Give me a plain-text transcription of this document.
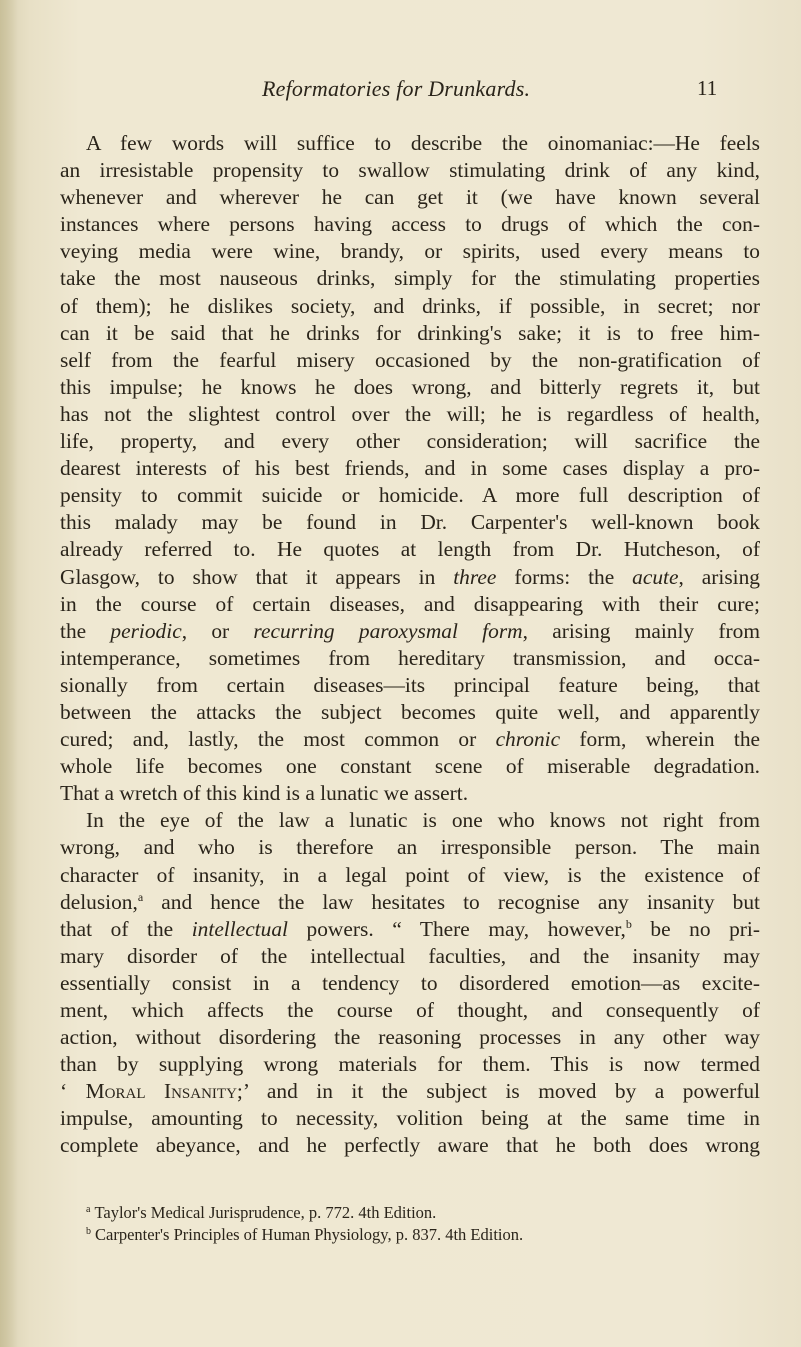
Reformatories for Drunkards.	11
A few words will suffice to describe the oinomaniac:—He feels
an irresistable propensity to swallow stimulating drink of any kind,
whenever and wherever he can get it (we have known several
instances where persons having access to drugs of which the con-
veying media were wine, brandy, or spirits, used every means to
take the most nauseous drinks, simply for the stimulating properties
of them); he dislikes society, and drinks, if possible, in secret; nor
can it be said that he drinks for drinking's sake; it is to free him-
self from the fearful misery occasioned by the non-gratification of
this impulse; he knows he does wrong, and bitterly regrets it, but
has not the slightest control over the will; he is regardless of health,
life, property, and every other consideration; will sacrifice the
dearest interests of his best friends, and in some cases display a pro-
pensity to commit suicide or homicide. A more full description of
this malady may be found in Dr. Carpenter's well-known book
already referred to. He quotes at length from Dr. Hutcheson, of
Glasgow, to show that it appears in three forms: the acute, arising
in the course of certain diseases, and disappearing with their cure;
the periodic, or recurring paroxysmal form, arising mainly from
intemperance, sometimes from hereditary transmission, and occa-
sionally from certain diseases—its principal feature being, that
between the attacks the subject becomes quite well, and apparently
cured; and, lastly, the most common or chronic form, wherein the
whole life becomes one constant scene of miserable degradation.
That a wretch of this kind is a lunatic we assert.
In the eye of the law a lunatic is one who knows not right from
wrong, and who is therefore an irresponsible person. The main
character of insanity, in a legal point of view, is the existence of
delusion,$^a$ and hence the law hesitates to recognise any insanity but
that of the intellectual powers. “ There may, however,$^b$ be no pri-
mary disorder of the intellectual faculties, and the insanity may
essentially consist in a tendency to disordered emotion—as excite-
ment, which affects the course of thought, and consequently of
action, without disordering the reasoning processes in any other way
than by supplying wrong materials for them. This is now termed
‘ Moral Insanity;’ and in it the subject is moved by a powerful
impulse, amounting to necessity, volition being at the same time in
complete abeyance, and he perfectly aware that he both does wrong
$^a$ Taylor's Medical Jurisprudence, p. 772. 4th Edition.
$^b$ Carpenter's Principles of Human Physiology, p. 837. 4th Edition.
